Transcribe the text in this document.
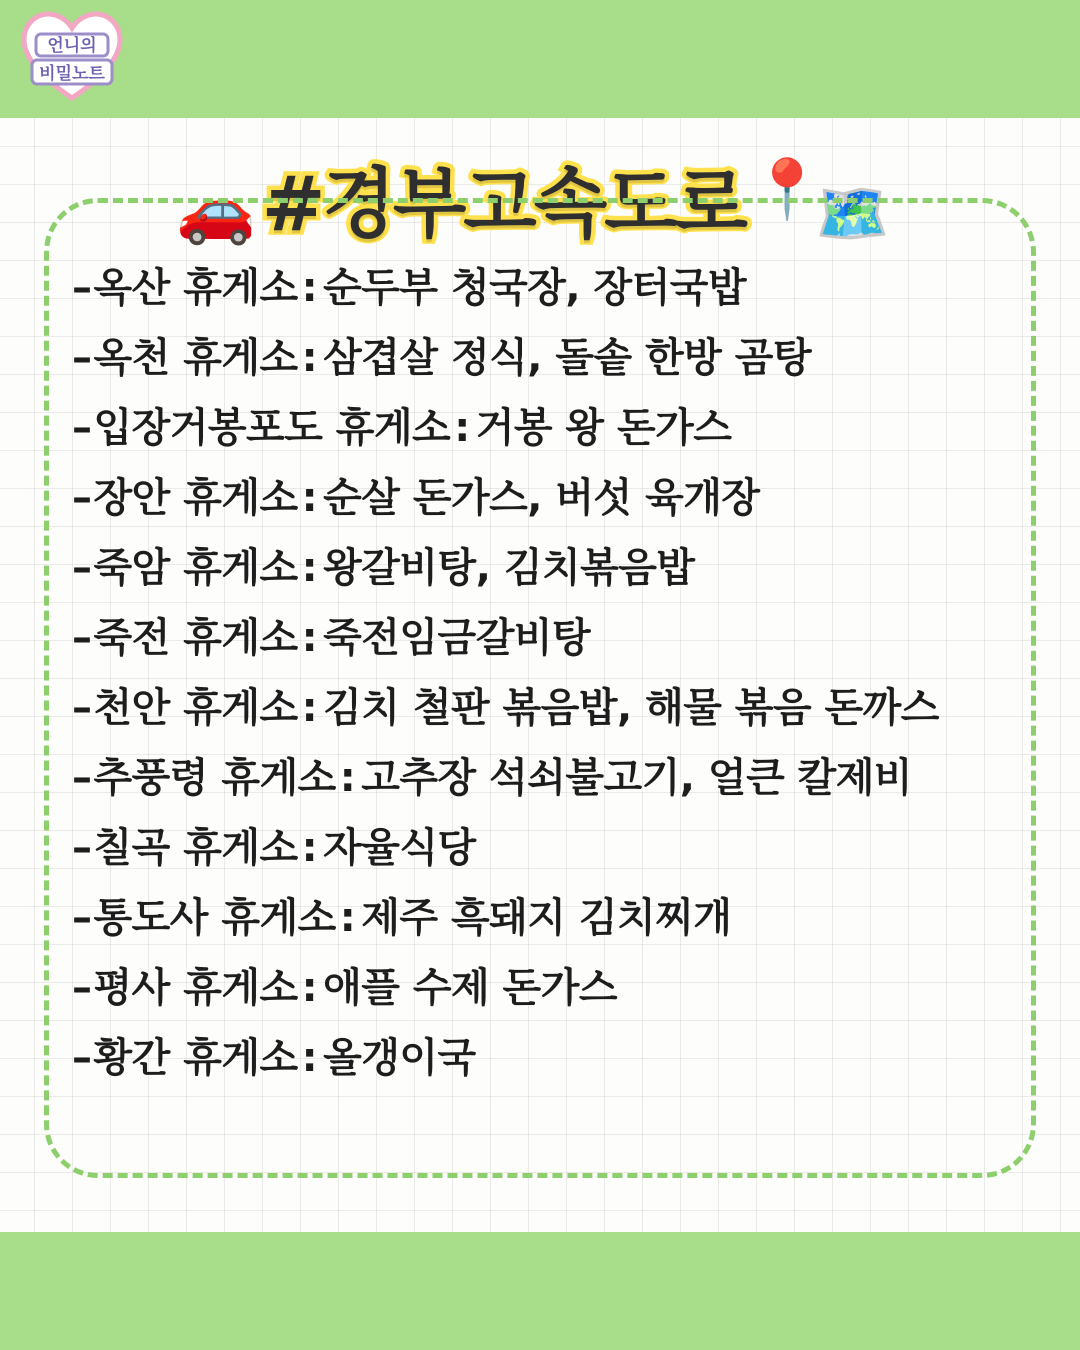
언니의
비밀노트
🚗 #경부고속도로 📍
🗺️
–옥산 휴게소 : 순두부 청국장, 장터국밥
–옥천 휴게소 : 삼겹살 정식, 돌솥 한방 곰탕
–입장거봉포도 휴게소 : 거봉 왕 돈가스
–장안 휴게소 : 순살 돈가스, 버섯 육개장
–죽암 휴게소 : 왕갈비탕, 김치볶음밥
–죽전 휴게소 : 죽전임금갈비탕
–천안 휴게소 : 김치 철판 볶음밥, 해물 볶음 돈까스
–추풍령 휴게소 : 고추장 석쇠불고기, 얼큰 칼제비
–칠곡 휴게소 : 자율식당
–통도사 휴게소 : 제주 흑돼지 김치찌개
–평사 휴게소 : 애플 수제 돈가스
–황간 휴게소 : 올갱이국
